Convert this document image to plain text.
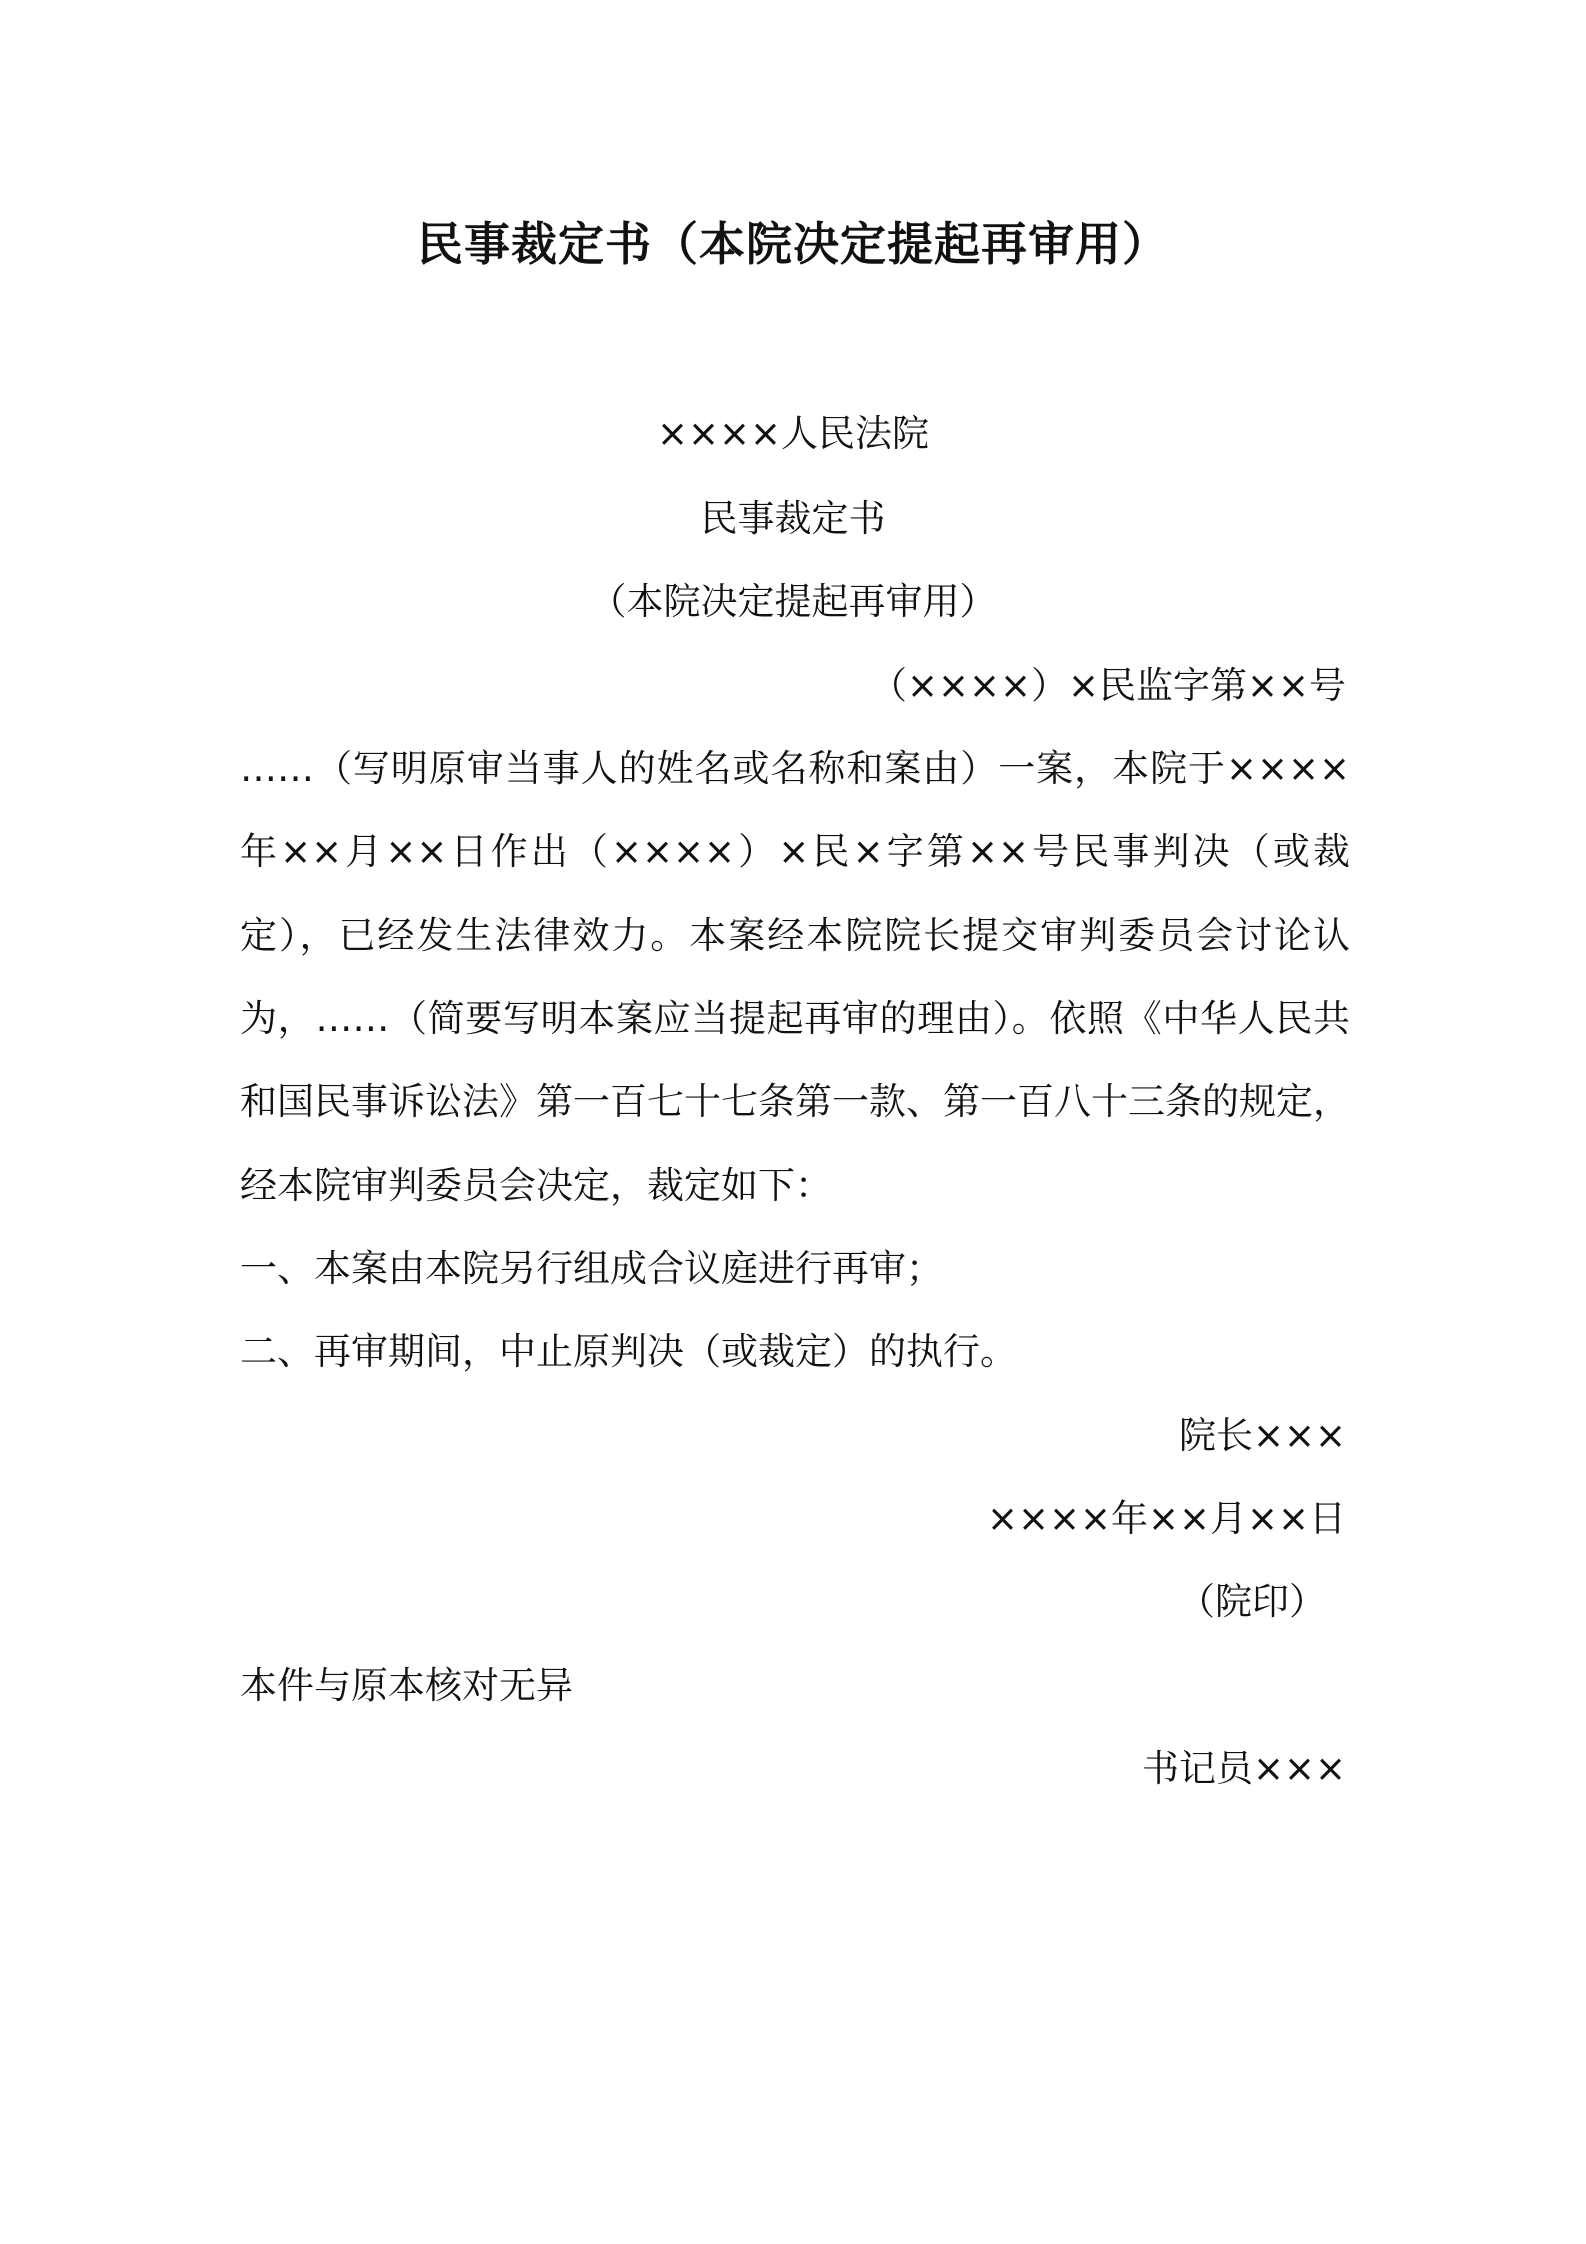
民事裁定书（本院决定提起再审用）
××××人民法院
民事裁定书
（本院决定提起再审用）
（××××）×民监字第××号
……（写明原审当事人的姓名或名称和案由）一案，本院于××××
年××月××日作出（××××）×民×字第××号民事判决（或裁
定），已经发生法律效力。本案经本院院长提交审判委员会讨论认
为，……（简要写明本案应当提起再审的理由）。依照《中华人民共
和国民事诉讼法》第一百七十七条第一款、第一百八十三条的规定，
经本院审判委员会决定，裁定如下：
一、本案由本院另行组成合议庭进行再审；
二、再审期间，中止原判决（或裁定）的执行。
院长×××
××××年××月××日
（院印）
本件与原本核对无异
书记员×××
